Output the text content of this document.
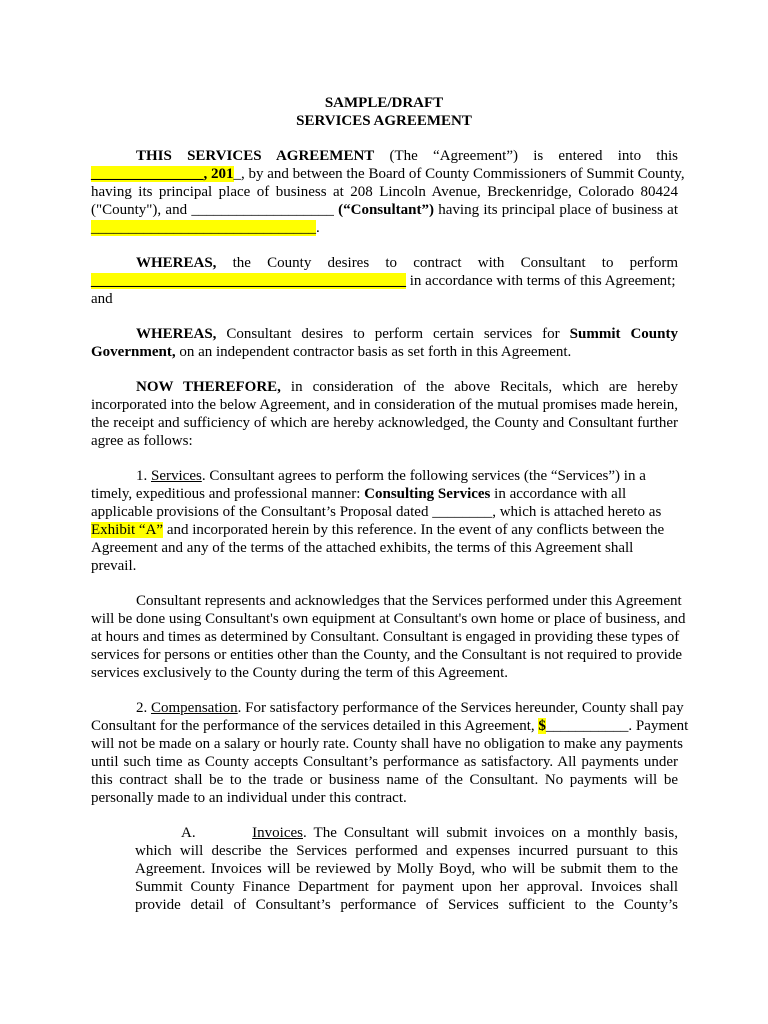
SAMPLE/DRAFT
SERVICES AGREEMENT
THIS SERVICES AGREEMENT (The “Agreement”) is entered into this
_______________, 201_, by and between the Board of County Commissioners of Summit County,
having its principal place of business at 208 Lincoln Avenue, Breckenridge, Colorado 80424
("County"), and ___________________ (“Consultant”) having its principal place of business at
______________________________.
WHEREAS, the County desires to contract with Consultant to perform
__________________________________________ in accordance with terms of this Agreement;
and
WHEREAS, Consultant desires to perform certain services for Summit County
Government, on an independent contractor basis as set forth in this Agreement.
NOW THEREFORE, in consideration of the above Recitals, which are hereby
incorporated into the below Agreement, and in consideration of the mutual promises made herein,
the receipt and sufficiency of which are hereby acknowledged, the County and Consultant further
agree as follows:
1. Services. Consultant agrees to perform the following services (the “Services”) in a
timely, expeditious and professional manner: Consulting Services in accordance with all
applicable provisions of the Consultant’s Proposal dated ________, which is attached hereto as
Exhibit “A” and incorporated herein by this reference. In the event of any conflicts between the
Agreement and any of the terms of the attached exhibits, the terms of this Agreement shall
prevail.
Consultant represents and acknowledges that the Services performed under this Agreement
will be done using Consultant's own equipment at Consultant's own home or place of business, and
at hours and times as determined by Consultant. Consultant is engaged in providing these types of
services for persons or entities other than the County, and the Consultant is not required to provide
services exclusively to the County during the term of this Agreement.
2. Compensation. For satisfactory performance of the Services hereunder, County shall pay
Consultant for the performance of the services detailed in this Agreement, $___________. Payment
will not be made on a salary or hourly rate. County shall have no obligation to make any payments
until such time as County accepts Consultant’s performance as satisfactory. All payments under
this contract shall be to the trade or business name of the Consultant. No payments will be
personally made to an individual under this contract.
A.	Invoices. The Consultant will submit invoices on a monthly basis,
which will describe the Services performed and expenses incurred pursuant to this
Agreement. Invoices will be reviewed by Molly Boyd, who will be submit them to the
Summit County Finance Department for payment upon her approval. Invoices shall
provide detail of Consultant’s performance of Services sufficient to the County’s
